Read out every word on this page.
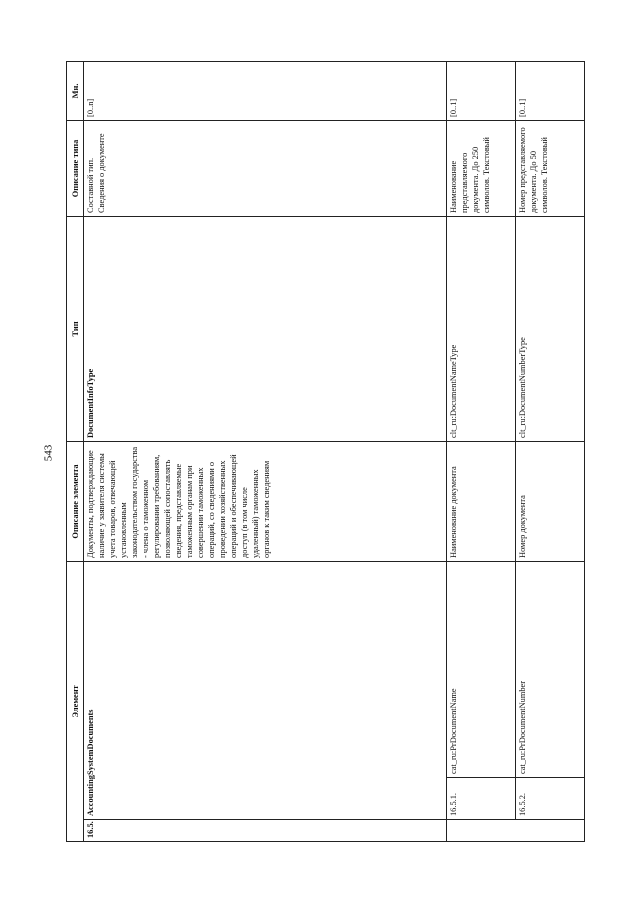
543
Элемент			Описание элемента	Тип	Описание типа	Мн.
16.5.	AccountingSystemDocuments		Документы, подтверждающие наличие у заявителя системы учета товаров, отвечающей установленным законодательством государства - члена о таможенном регулировании требованиям, позволяющей сопоставлять сведения, представляемые таможенным органам при совершении таможенных операций, со сведениями о проведении хозяйственных операций и обеспечивающей доступ (в том числе удаленный) таможенных органов к таким сведениям	DocumentInfoType	Составной тип. Сведения о документе	[0..n]
	16.5.1.	cat_ru:PrDocumentName	Наименование документа	clt_ru:DocumentNameType	Наименование представляемого документа. До 250 символов. Текстовый	[0..1]
	16.5.2.	cat_ru:PrDocumentNumber	Номер документа	clt_ru:DocumentNumberType	Номер представляемого документа. До 50 символов. Текстовый	[0..1]
